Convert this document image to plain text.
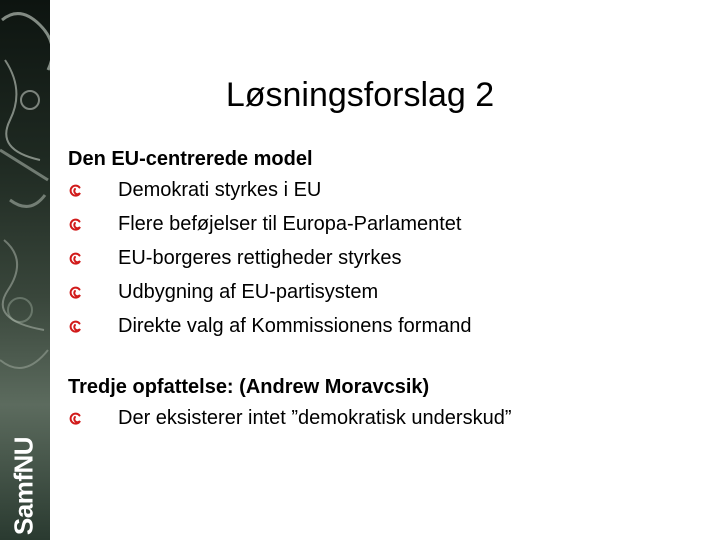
SamfNU
Løsningsforslag 2

Den EU-centrerede model

Demokrati styrkes i EU
Flere beføjelser til Europa-Parlamentet
EU-borgeres rettigheder styrkes
Udbygning af EU-partisystem
Direkte valg af Kommissionens formand

Tredje opfattelse: (Andrew Moravcsik)

Der eksisterer intet ”demokratisk underskud”
